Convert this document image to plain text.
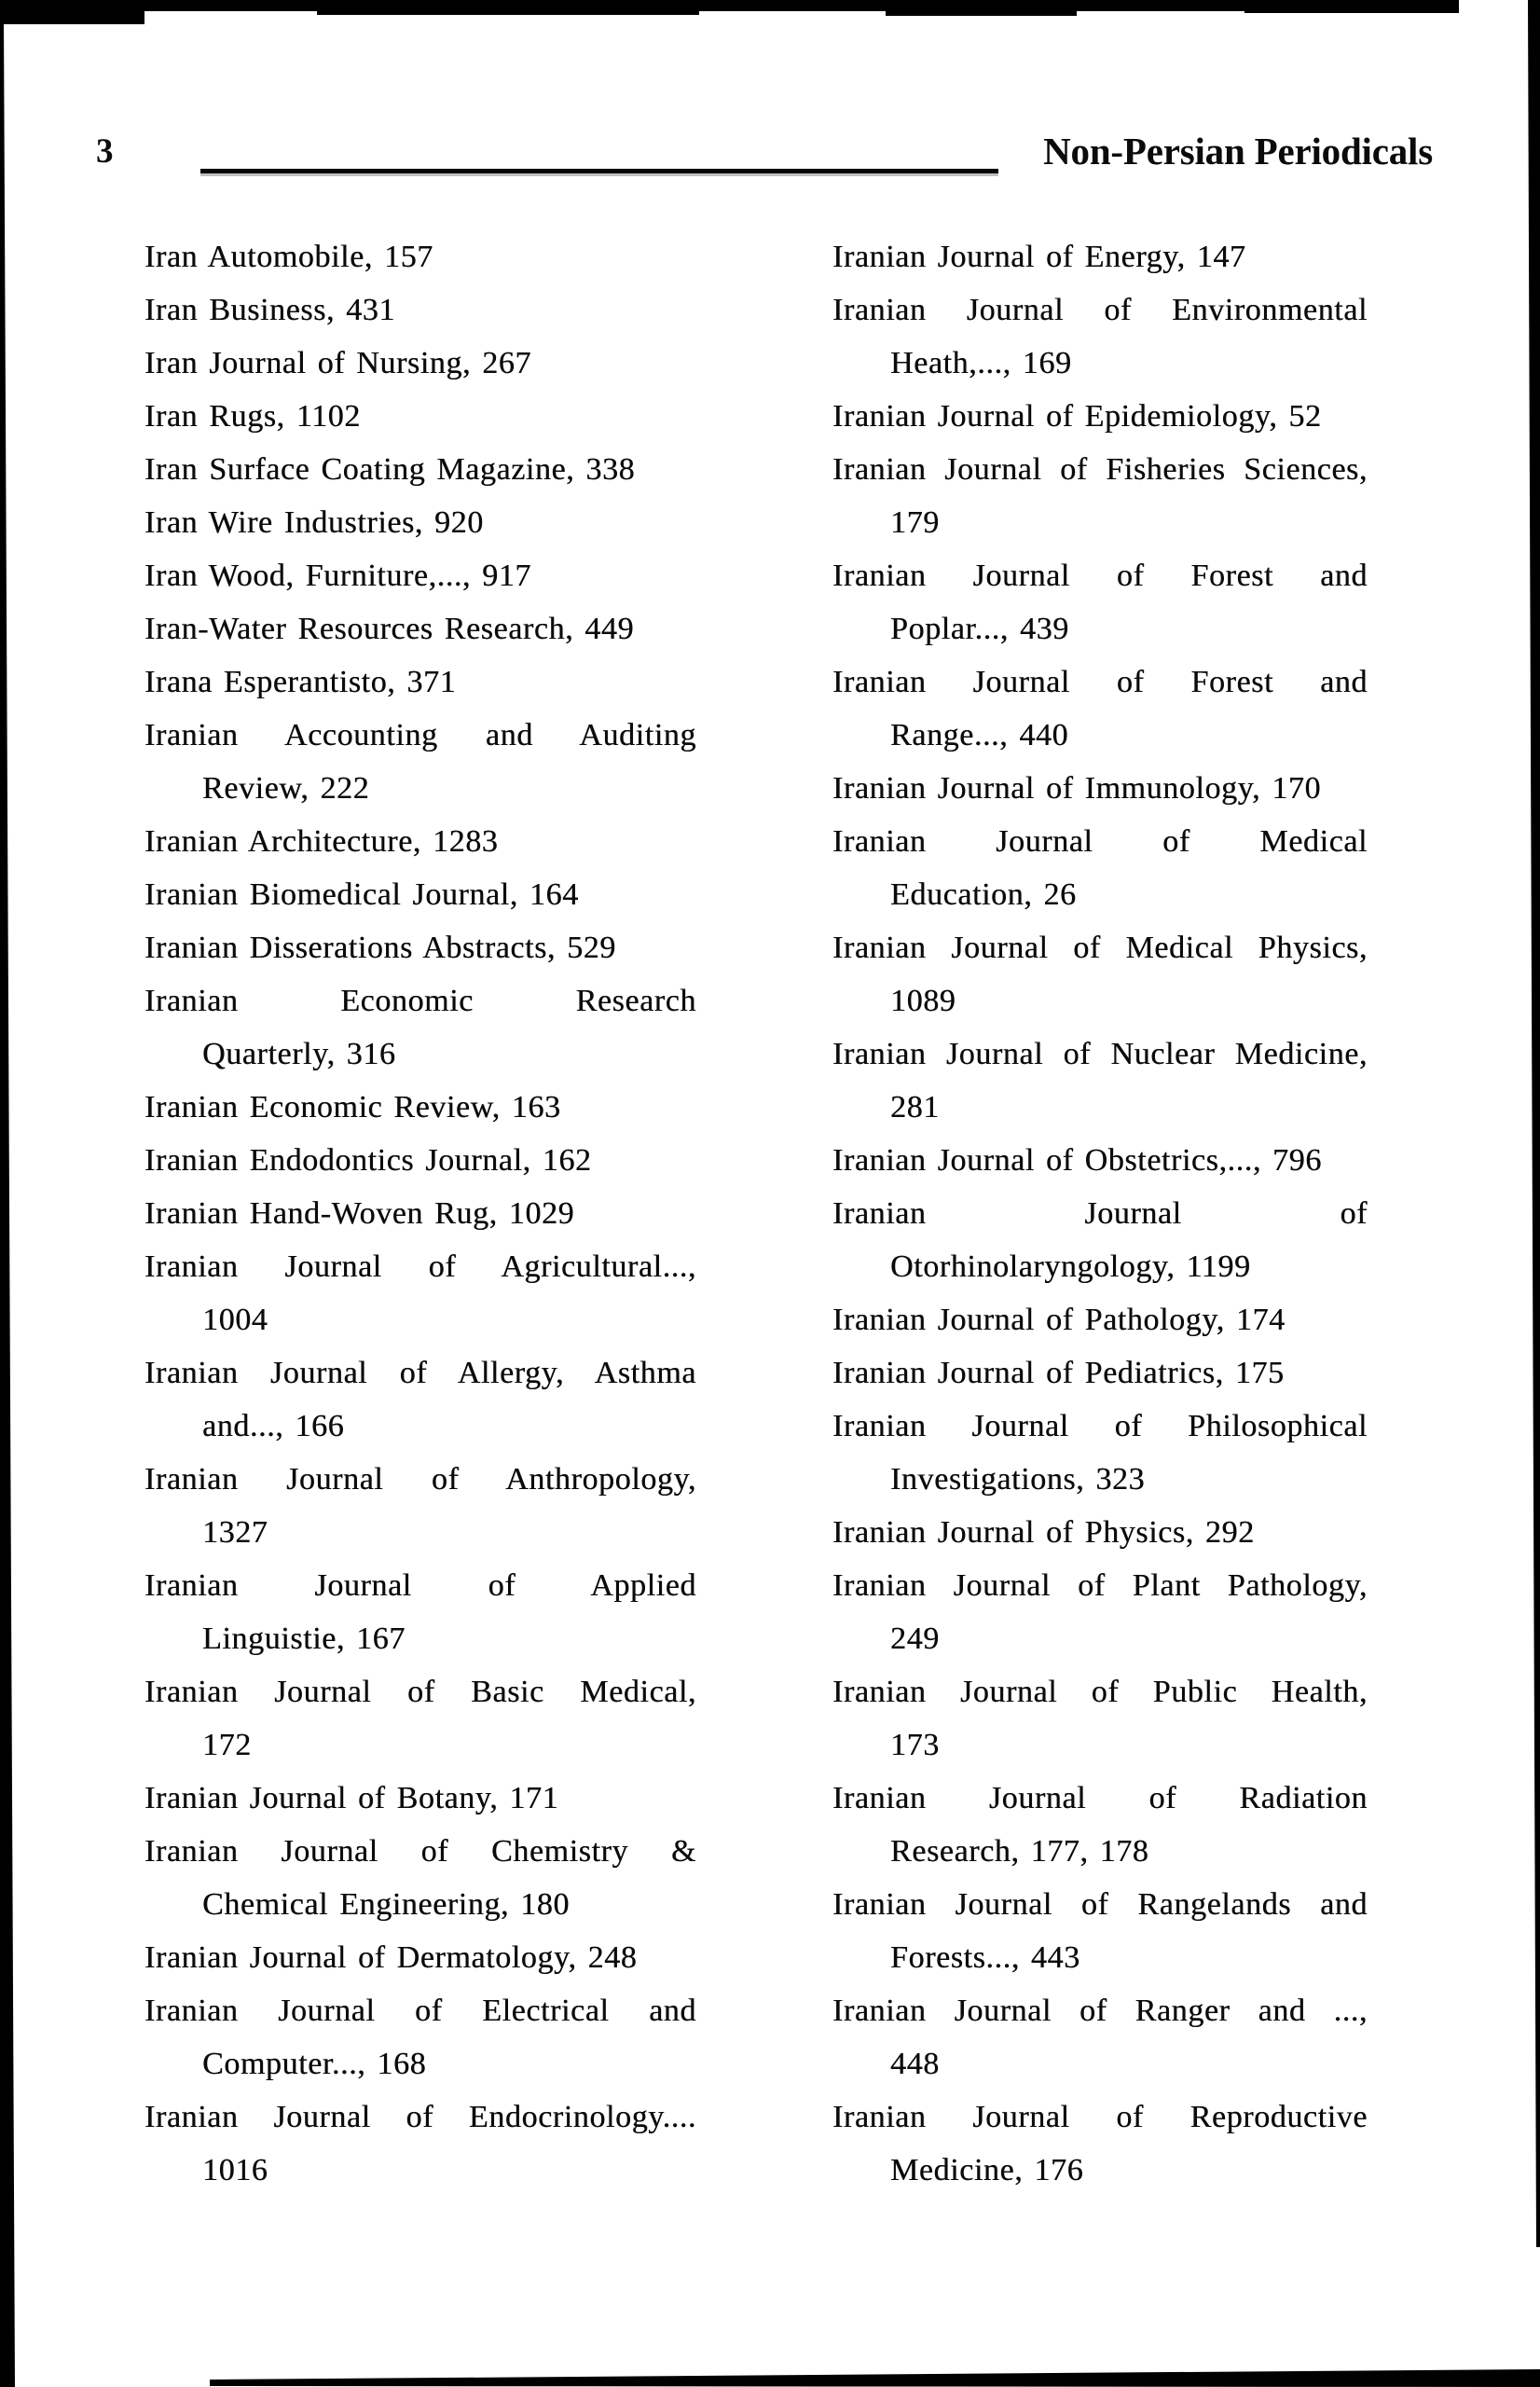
3	Non-Persian Periodicals

Iran Automobile, 157

Iran Business, 431

Iran Journal of Nursing, 267

Iran Rugs, 1102

Iran Surface Coating Magazine, 338

Iran Wire Industries, 920

Iran Wood, Furniture,..., 917

Iran-Water Resources Research, 449

Irana Esperantisto, 371

Iranian Accounting and Auditing
Review, 222

Iranian Architecture, 1283

Iranian Biomedical Journal, 164

Iranian Disserations Abstracts, 529

Iranian Economic Research
Quarterly, 316

Iranian Economic Review, 163

Iranian Endodontics Journal, 162

Iranian Hand-Woven Rug, 1029

Iranian Journal of Agricultural...,
1004

Iranian Journal of Allergy, Asthma
and..., 166

Iranian Journal of Anthropology,
1327

Iranian Journal of Applied
Linguistie, 167

Iranian Journal of Basic Medical,
172

Iranian Journal of Botany, 171

Iranian Journal of Chemistry &
Chemical Engineering, 180

Iranian Journal of Dermatology, 248

Iranian Journal of Electrical and
Computer..., 168

Iranian Journal of Endocrinology....
1016

Iranian Journal of Energy, 147

Iranian Journal of Environmental
Heath,..., 169

Iranian Journal of Epidemiology, 52

Iranian Journal of Fisheries Sciences,
179

Iranian Journal of Forest and
Poplar..., 439

Iranian Journal of Forest and
Range..., 440

Iranian Journal of Immunology, 170

Iranian Journal of Medical
Education, 26

Iranian Journal of Medical Physics,
1089

Iranian Journal of Nuclear Medicine,
281

Iranian Journal of Obstetrics,..., 796

Iranian Journal of
Otorhinolaryngology, 1199

Iranian Journal of Pathology, 174

Iranian Journal of Pediatrics, 175

Iranian Journal of Philosophical
Investigations, 323

Iranian Journal of Physics, 292

Iranian Journal of Plant Pathology,
249

Iranian Journal of Public Health,
173

Iranian Journal of Radiation
Research, 177, 178

Iranian Journal of Rangelands and
Forests..., 443

Iranian Journal of Ranger and ...,
448

Iranian Journal of Reproductive
Medicine, 176
